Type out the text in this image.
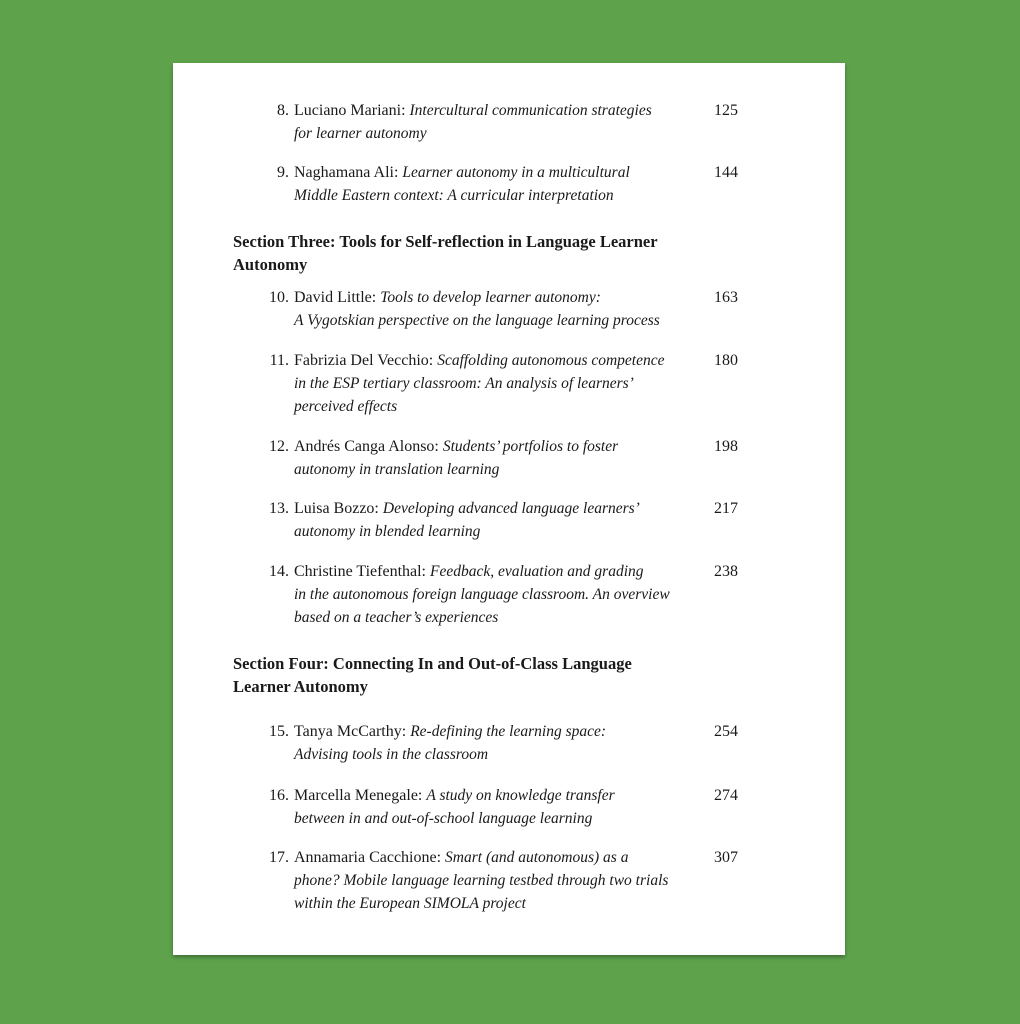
8. Luciano Mariani: Intercultural communication strategies
for learner autonomy
125
9. Naghamana Ali: Learner autonomy in a multicultural
Middle Eastern context: A curricular interpretation
144
Section Three: Tools for Self-reflection in Language Learner
Autonomy
10. David Little: Tools to develop learner autonomy:
A Vygotskian perspective on the language learning process
163
11. Fabrizia Del Vecchio: Scaffolding autonomous competence
in the ESP tertiary classroom: An analysis of learners’
perceived effects
180
12. Andrés Canga Alonso: Students’ portfolios to foster
autonomy in translation learning
198
13. Luisa Bozzo: Developing advanced language learners’
autonomy in blended learning
217
14. Christine Tiefenthal: Feedback, evaluation and grading
in the autonomous foreign language classroom. An overview
based on a teacher’s experiences
238
Section Four: Connecting In and Out-of-Class Language
Learner Autonomy
15. Tanya McCarthy: Re-defining the learning space:
Advising tools in the classroom
254
16. Marcella Menegale: A study on knowledge transfer
between in and out-of-school language learning
274
17. Annamaria Cacchione: Smart (and autonomous) as a
phone? Mobile language learning testbed through two trials
within the European SIMOLA project
307
